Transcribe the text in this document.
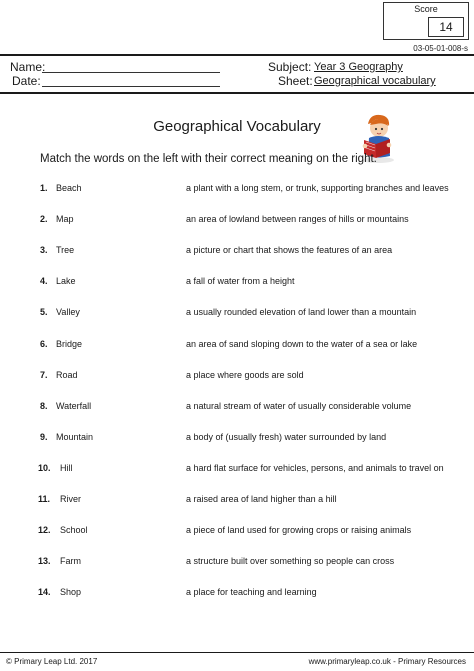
Score
14
03-05-01-008-s
Name:
Date:
Subject: Year 3 Geography
Sheet: Geographical vocabulary
Geographical Vocabulary
Match the words on the left with their correct meaning on the right.
1. Beach	a plant with a long stem, or trunk, supporting branches and leaves
2. Map	an area of lowland between ranges of hills or mountains
3. Tree	a picture or chart that shows the features of an area
4. Lake	a fall of water from a height
5. Valley	a usually rounded elevation of land lower than a mountain
6. Bridge	an area of sand sloping down to the water of a sea or lake
7. Road	a place where goods are sold
8. Waterfall	a natural stream of water of usually considerable volume
9. Mountain	a body of (usually fresh) water surrounded by land
10. Hill	a hard flat surface for vehicles, persons, and animals to travel on
11. River	a raised area of land higher than a hill
12. School	a piece of land used for growing crops or raising animals
13. Farm	a structure built over something so people can cross
14. Shop	a place for teaching and learning
© Primary Leap Ltd. 2017	www.primaryleap.co.uk - Primary Resources
